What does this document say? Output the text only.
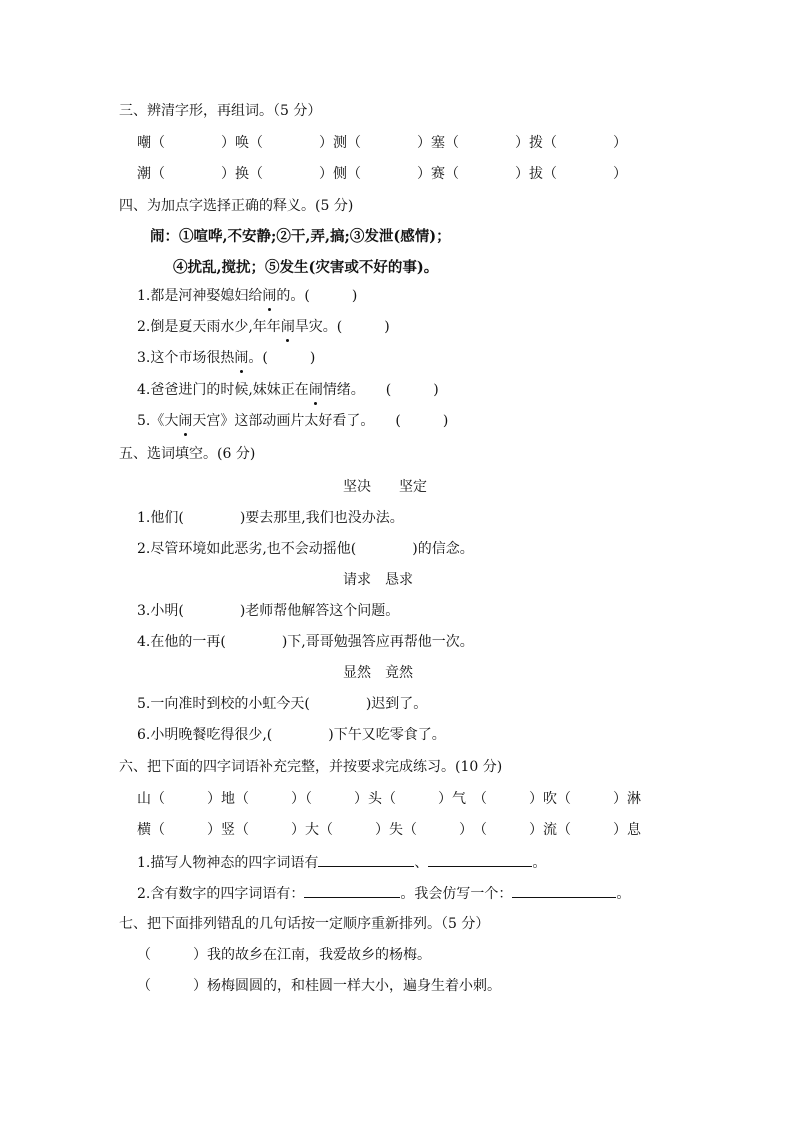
三、辨清字形，再组词。（5 分）
嘲（　　　　）唤（　　　　）测（　　　　）塞（　　　　）拨（　　　　）
潮（　　　　）换（　　　　）侧（　　　　）赛（　　　　）拔（　　　　）
四、为加点字选择正确的释义。(5 分)
闹：①喧哗,不安静;②干,弄,搞;③发泄(感情)；
④扰乱,搅扰；⑤发生(灾害或不好的事)。
1.都是河神娶媳妇给闹的。(　　　)
2.倒是夏天雨水少,年年闹旱灾。(　　　)
3.这个市场很热闹。(　　　)
4.爸爸进门的时候,妹妹正在闹情绪。　　(　　　)
5.《大闹天宫》这部动画片太好看了。　　(　　　)
五、选词填空。(6 分)
坚决　　坚定
1.他们(　　　　)要去那里,我们也没办法。
2.尽管环境如此恶劣,也不会动摇他(　　　　)的信念。
请求　恳求
3.小明(　　　　)老师帮他解答这个问题。
4.在他的一再(　　　　)下,哥哥勉强答应再帮他一次。
显然　竟然
5.一向准时到校的小虹今天(　　　　)迟到了。
6.小明晚餐吃得很少,(　　　　)下午又吃零食了。
六、把下面的四字词语补充完整，并按要求完成练习。(10 分)
山（　　　）地（　　　）（　　　）头（　　　）气　（　　　）吹（　　　）淋
横（　　　）竖（　　　）大（　　　）失（　　　）　（　　　）流（　　　）息
1.描写人物神态的四字词语有	、	。
2.含有数字的四字词语有：	。我会仿写一个：	。
七、把下面排列错乱的几句话按一定顺序重新排列。（5 分）
（　　　）我的故乡在江南，我爱故乡的杨梅。
（　　　）杨梅圆圆的，和桂圆一样大小，遍身生着小刺。
